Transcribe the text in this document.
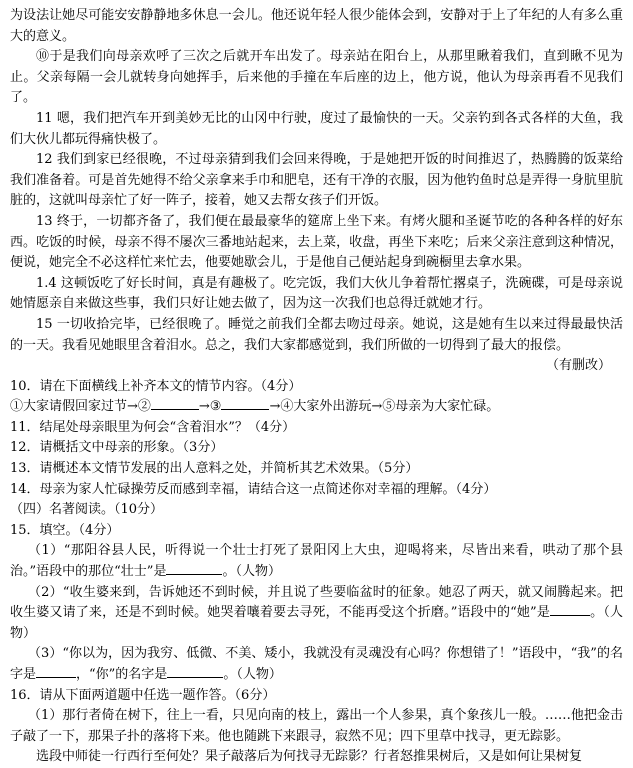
为设法让她尽可能安安静静地多休息一会儿。他还说年轻人很少能体会到，安静对于上了年纪的人有多么重大的意义。

⑩于是我们向母亲欢呼了三次之后就开车出发了。母亲站在阳台上，从那里瞅着我们，直到瞅不见为止。父亲每隔一会儿就转身向她挥手，后来他的手撞在车后座的边上，他方说，他认为母亲再看不见我们了。

11 嗯，我们把汽车开到美妙无比的山冈中行驶，度过了最愉快的一天。父亲钓到各式各样的大鱼，我们大伙儿都玩得痛快极了。

12 我们到家已经很晚，不过母亲猜到我们会回来得晚，于是她把开饭的时间推迟了，热腾腾的饭菜给我们准备着。可是首先她得不给父亲拿来手巾和肥皂，还有干净的衣服，因为他钓鱼时总是弄得一身肮里肮脏的，这就叫母亲忙了好一阵子，接着，她又去帮女孩子们开饭。

13 终于，一切都齐备了，我们便在最最豪华的筵席上坐下来。有烤火腿和圣诞节吃的各种各样的好东西。吃饭的时候，母亲不得不屡次三番地站起来，去上菜，收盘，再坐下来吃；后来父亲注意到这种情况，便说，她完全不必这样忙来忙去，他要她歇会儿，于是他自己便站起身到碗橱里去拿水果。

1.4 这顿饭吃了好长时间，真是有趣极了。吃完饭，我们大伙儿争着帮忙撂桌子，洗碗碟，可是母亲说她情愿亲自来做这些事，我们只好让她去做了，因为这一次我们也总得迁就她才行。

15 一切收拾完毕，已经很晚了。睡觉之前我们全都去吻过母亲。她说，这是她有生以来过得最最快活的一天。我看见她眼里含着泪水。总之，我们大家都感觉到，我们所做的一切得到了最大的报偿。

（有删改）

10．请在下面横线上补齐本文的情节内容。（4分）

①大家请假回家过节→②	→③	→④大家外出游玩→⑤母亲为大家忙碌。

11．结尾处母亲眼里为何会“含着泪水”？（4分）

12．请概括文中母亲的形象。（3分）

13．请概述本文情节发展的出人意料之处，并简析其艺术效果。（5分）

14．母亲为家人忙碌操劳反而感到幸福，请结合这一点简述你对幸福的理解。（4分）

（四）名著阅读。（10分）

15．填空。（4分）

（1）“那阳谷县人民，听得说一个壮士打死了景阳冈上大虫，迎喝将来，尽皆出来看，哄动了那个县治。”语段中的那位“壮士”是	。（人物）

（2）“收生婆来到，告诉她还不到时候，并且说了些要临盆时的征象。她忍了两天，就又闹腾起来。把收生婆又请了来，还是不到时候。她哭着嚷着要去寻死，不能再受这个折磨。”语段中的“她”是	。（人物）

（3）“你以为，因为我穷、低微、不美、矮小，我就没有灵魂没有心吗？你想错了！”语段中，“我”的名字是	，“你”的名字是	。（人物）

16．请从下面两道题中任选一题作答。（6分）

（1）那行者倚在树下，往上一看，只见向南的枝上，露出一个人参果，真个象孩儿一般。……他把金击子敲了一下，那果子扑的落将下来。他也随跳下来跟寻，寂然不见；四下里草中找寻，更无踪影。

选段中师徒一行西行至何处？果子敲落后为何找寻无踪影？行者怒推果树后，又是如何让果树复
